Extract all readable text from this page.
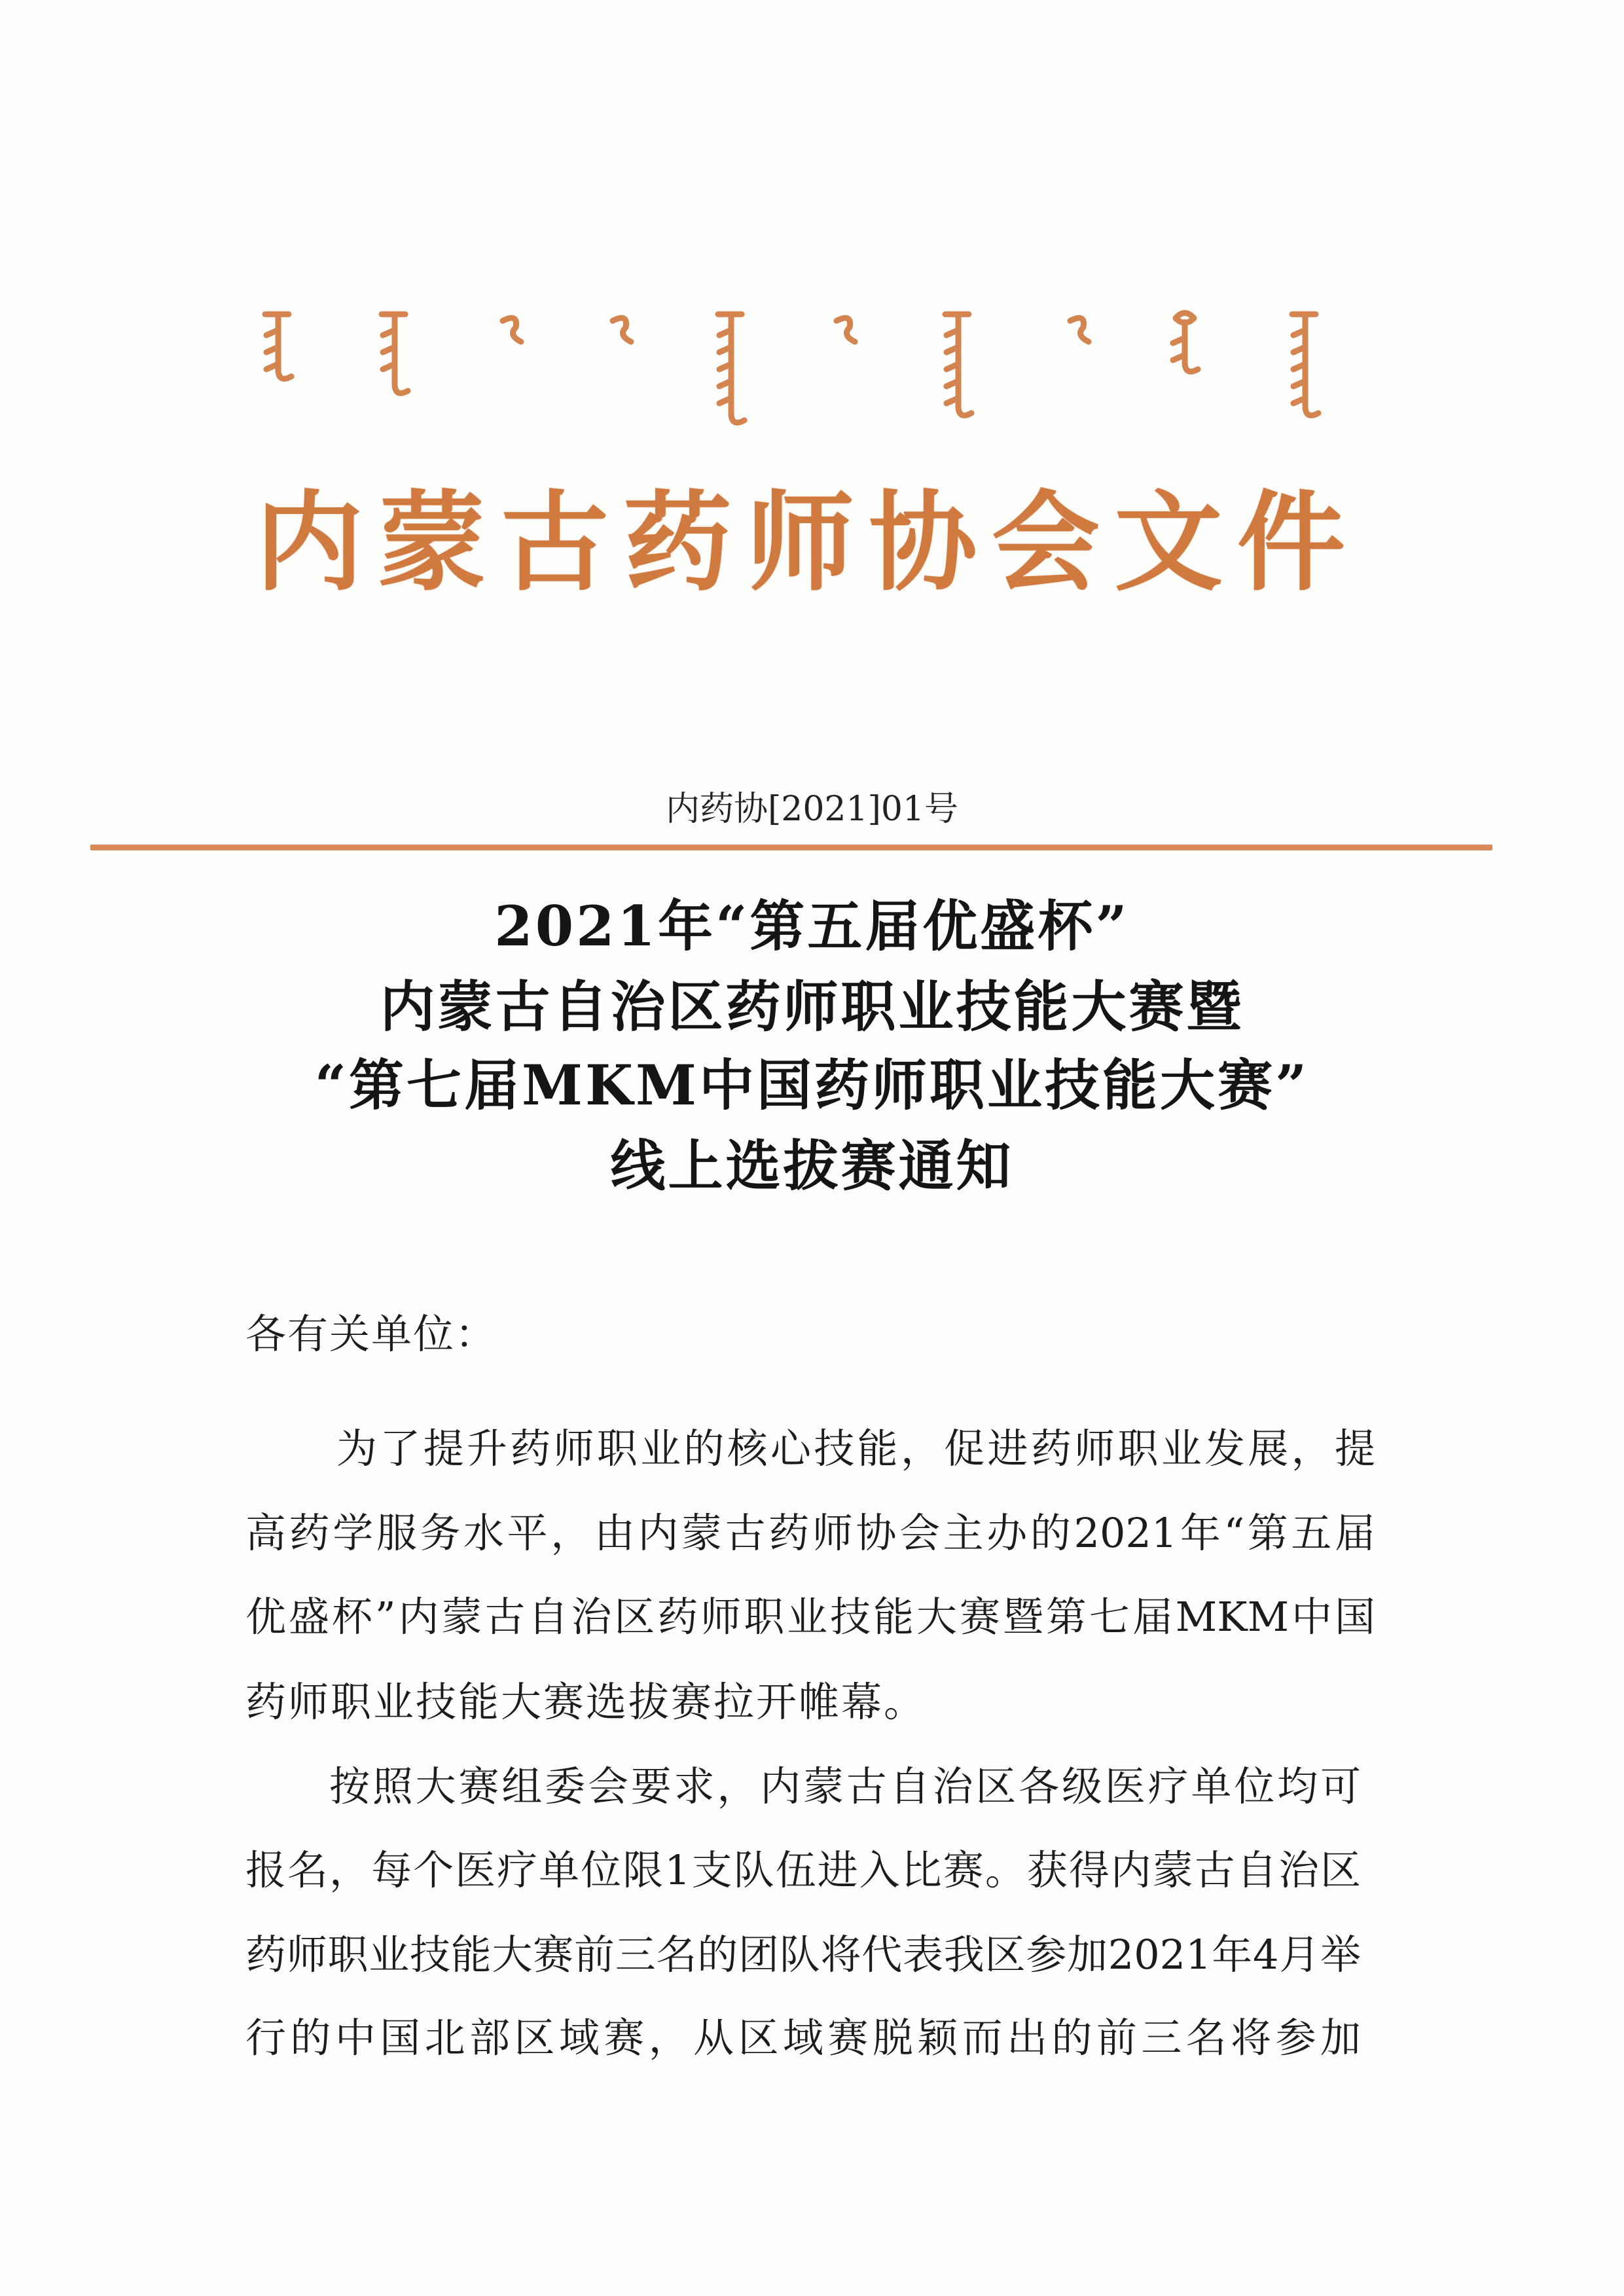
内蒙古药师协会文件
内药协[2021]01号
2021年“第五届优盛杯”
内蒙古自治区药师职业技能大赛暨
“第七届MKM中国药师职业技能大赛”
线上选拔赛通知
各有关单位：
为了提升药师职业的核心技能，促进药师职业发展，提
高药学服务水平，由内蒙古药师协会主办的2021年“第五届
优盛杯”内蒙古自治区药师职业技能大赛暨第七届MKM中国
药师职业技能大赛选拔赛拉开帷幕。
按照大赛组委会要求，内蒙古自治区各级医疗单位均可
报名，每个医疗单位限1支队伍进入比赛。获得内蒙古自治区
药师职业技能大赛前三名的团队将代表我区参加2021年4月举
行的中国北部区域赛，从区域赛脱颖而出的前三名将参加
